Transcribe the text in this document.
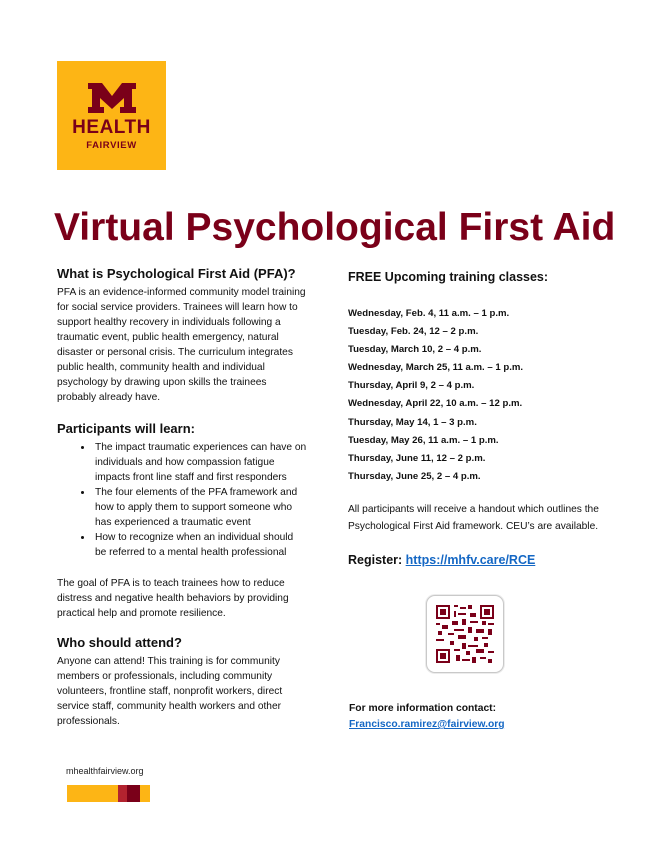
HEALTH
FAIRVIEW
Virtual Psychological First Aid
What is Psychological First Aid (PFA)?

PFA is an evidence-informed community model training for social service providers. Trainees will learn how to support healthy recovery in individuals following a traumatic event, public health emergency, natural disaster or personal crisis. The curriculum integrates public health, community health and individual psychology by drawing upon skills the trainees probably already have.

Participants will learn:
• The impact traumatic experiences can have on individuals and how compassion fatigue impacts front line staff and first responders
• The four elements of the PFA framework and how to apply them to support someone who has experienced a traumatic event
• How to recognize when an individual should be referred to a mental health professional

The goal of PFA is to teach trainees how to reduce distress and negative health behaviors by providing practical help and promote resilience.

Who should attend?

Anyone can attend! This training is for community members or professionals, including community volunteers, frontline staff, nonprofit workers, direct service staff, community health workers and other professionals.

FREE Upcoming training classes:
Wednesday, Feb. 4, 11 a.m. – 1 p.m.
Tuesday, Feb. 24, 12 – 2 p.m.
Tuesday, March 10, 2 – 4 p.m.
Wednesday, March 25, 11 a.m. – 1 p.m.
Thursday, April 9, 2 – 4 p.m.
Wednesday, April 22, 10 a.m. – 12 p.m.
Thursday, May 14, 1 – 3 p.m.
Tuesday, May 26, 11 a.m. – 1 p.m.
Thursday, June 11, 12 – 2 p.m.
Thursday, June 25, 2 – 4 p.m.

All participants will receive a handout which outlines the Psychological First Aid framework. CEU’s are available.

Register: https://mhfv.care/RCE

For more information contact:

Francisco.ramirez@fairview.org
mhealthfairview.org
